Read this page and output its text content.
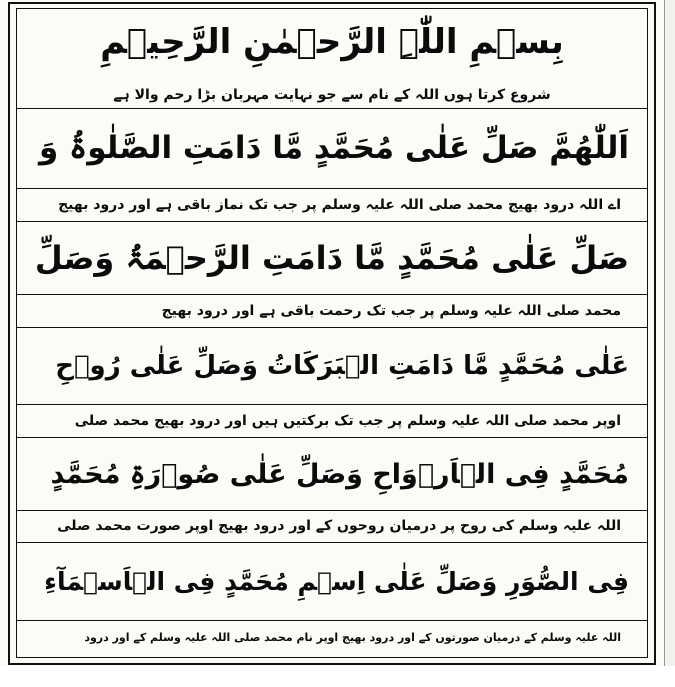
بِسۡمِ اللّٰہِ الرَّحۡمٰنِ الرَّحِیۡمِ
شروع کرتا ہوں اللہ کے نام سے جو نہایت مہربان بڑا رحم والا ہے
اَللّٰھُمَّ صَلِّ عَلٰی مُحَمَّدٍ مَّا دَامَتِ الصَّلٰوۃُ وَ
اے اللہ درود بھیج محمد صلی اللہ علیہ وسلم پر جب تک نماز باقی ہے اور درود بھیج
صَلِّ عَلٰی مُحَمَّدٍ مَّا دَامَتِ الرَّحۡمَۃُ وَصَلِّ
محمد صلی اللہ علیہ وسلم پر جب تک رحمت باقی ہے اور درود بھیج
عَلٰی مُحَمَّدٍ مَّا دَامَتِ الۡبَرَکَاتُ وَصَلِّ عَلٰی رُوۡحِ
اوپر محمد صلی اللہ علیہ وسلم پر جب تک برکتیں ہیں اور درود بھیج محمد صلی
مُحَمَّدٍ فِی الۡاَرۡوَاحِ وَصَلِّ عَلٰی صُوۡرَۃِ مُحَمَّدٍ
اللہ علیہ وسلم کی روح پر درمیان روحوں کے اور درود بھیج اوپر صورت محمد صلی
فِی الصُّوَرِ وَصَلِّ عَلٰی اِسۡمِ مُحَمَّدٍ فِی الۡاَسۡمَآءِ
اللہ علیہ وسلم کے درمیان صورتوں کے اور درود بھیج اوپر نام محمد صلی اللہ علیہ وسلم کے اور درود
